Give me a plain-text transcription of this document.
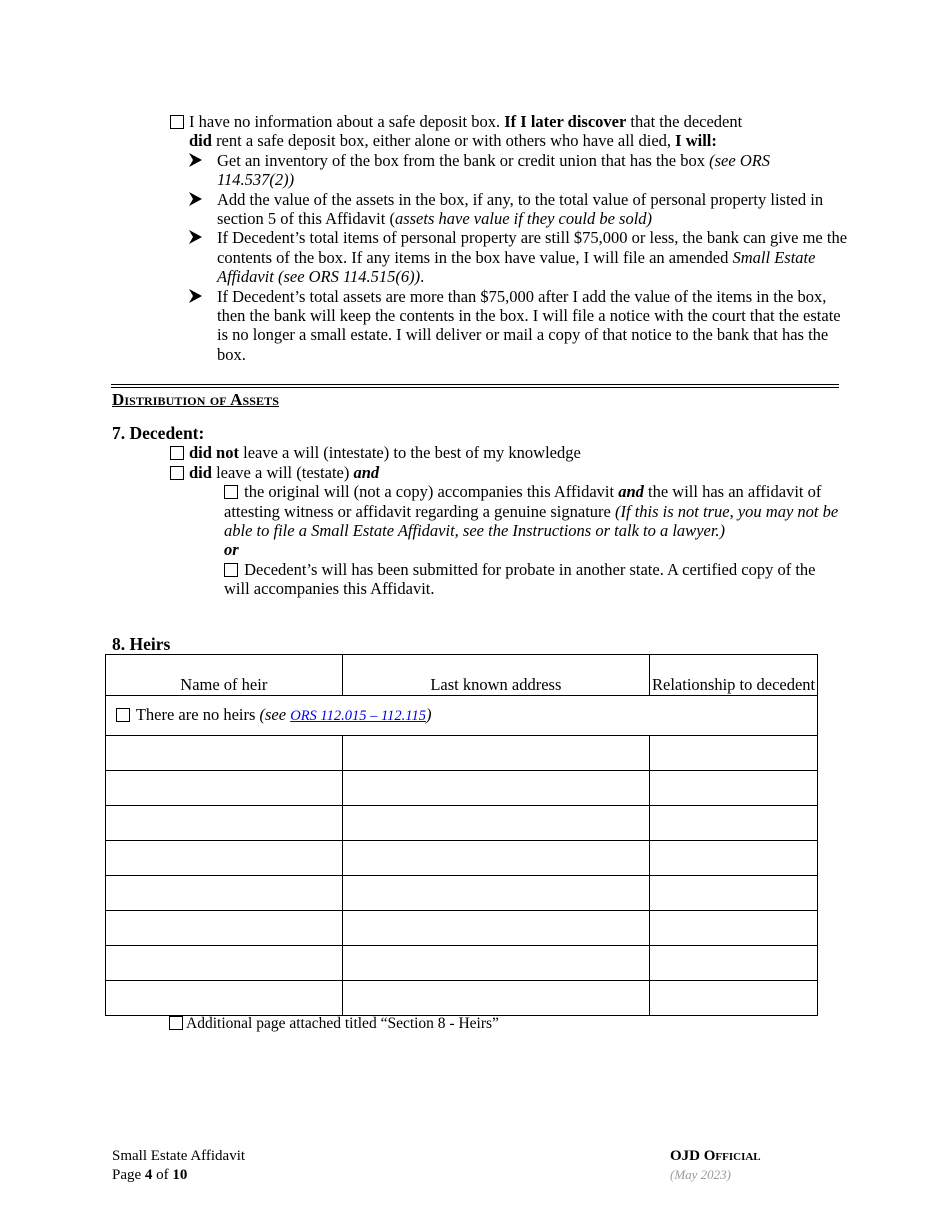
I have no information about a safe deposit box. If I later discover that the decedent
did rent a safe deposit box, either alone or with others who have all died, I will:
Get an inventory of the box from the bank or credit union that has the box (see ORS 114.537(2))
Add the value of the assets in the box, if any, to the total value of personal property listed in section 5 of this Affidavit (assets have value if they could be sold)
If Decedent’s total items of personal property are still $75,000 or less, the bank can give me the contents of the box. If any items in the box have value, I will file an amended Small Estate Affidavit (see ORS 114.515(6)).
If Decedent’s total assets are more than $75,000 after I add the value of the items in the box, then the bank will keep the contents in the box. I will file a notice with the court that the estate is no longer a small estate. I will deliver or mail a copy of that notice to the bank that has the box.
Distribution of Assets
7. Decedent:
did not leave a will (intestate) to the best of my knowledge
did leave a will (testate) and
the original will (not a copy) accompanies this Affidavit and the will has an affidavit of attesting witness or affidavit regarding a genuine signature (If this is not true, you may not be able to file a Small Estate Affidavit, see the Instructions or talk to a lawyer.)
or
Decedent’s will has been submitted for probate in another state. A certified copy of the will accompanies this Affidavit.
8. Heirs
Name of heir	Last known address	Relationship to decedent
There are no heirs (see ORS 112.015 – 112.115)		

Additional page attached titled “Section 8 - Heirs”
Small Estate Affidavit
Page 4 of 10
OJD Official
(May 2023)
